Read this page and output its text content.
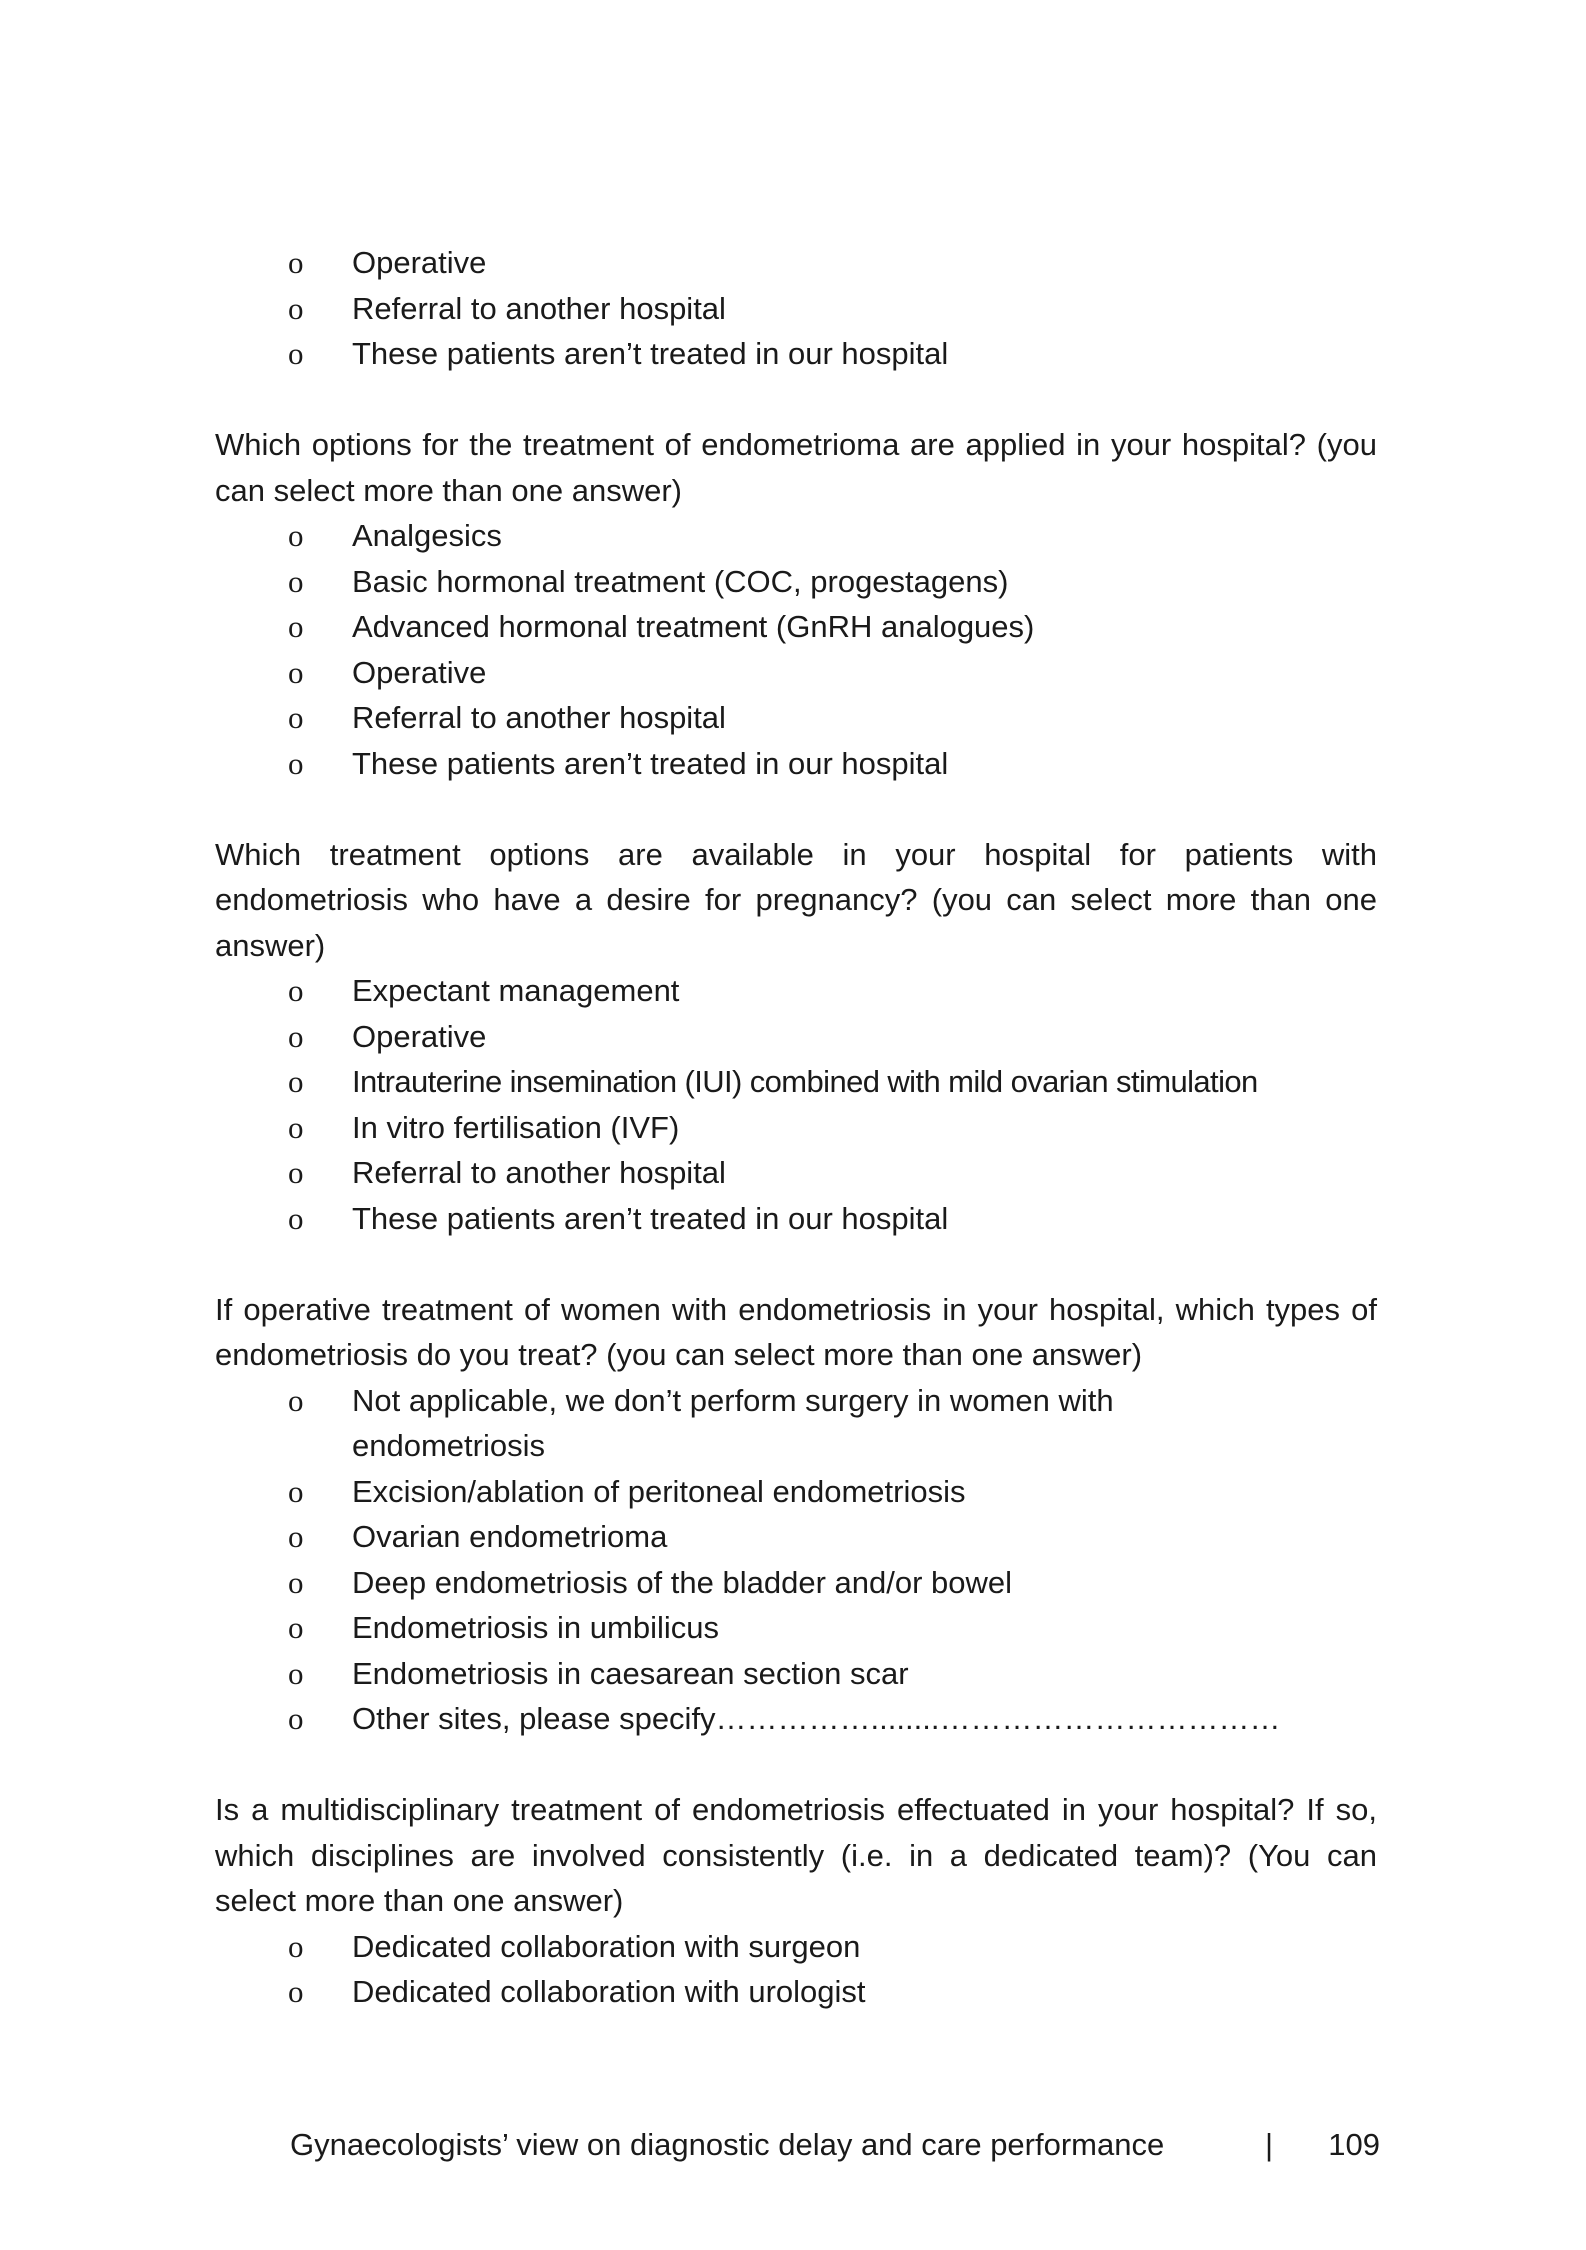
o Operative
o Referral to another hospital
o These patients aren’t treated in our hospital
Which options for the treatment of endometrioma are applied in your hospital? (you can select more than one answer)
o Analgesics
o Basic hormonal treatment (COC, progestagens)
o Advanced hormonal treatment (GnRH analogues)
o Operative
o Referral to another hospital
o These patients aren’t treated in our hospital
Which treatment options are available in your hospital for patients with endometriosis who have a desire for pregnancy? (you can select more than one answer)
o Expectant management
o Operative
o Intrauterine insemination (IUI) combined with mild ovarian stimulation
o In vitro fertilisation (IVF)
o Referral to another hospital
o These patients aren’t treated in our hospital
If operative treatment of women with endometriosis in your hospital, which types of endometriosis do you treat? (you can select more than one answer)
o Not applicable, we don’t perform surgery in women with
endometriosis
o Excision/ablation of peritoneal endometriosis
o Ovarian endometrioma
o Deep endometriosis of the bladder and/or bowel
o Endometriosis in umbilicus
o Endometriosis in caesarean section scar
o Other sites, please specify……………........……………………………
Is a multidisciplinary treatment of endometriosis effectuated in your hospital? If so, which disciplines are involved consistently (i.e. in a dedicated team)? (You can select more than one answer)
o Dedicated collaboration with surgeon
o Dedicated collaboration with urologist
Gynaecologists’ view on diagnostic delay and care performance	| 109
